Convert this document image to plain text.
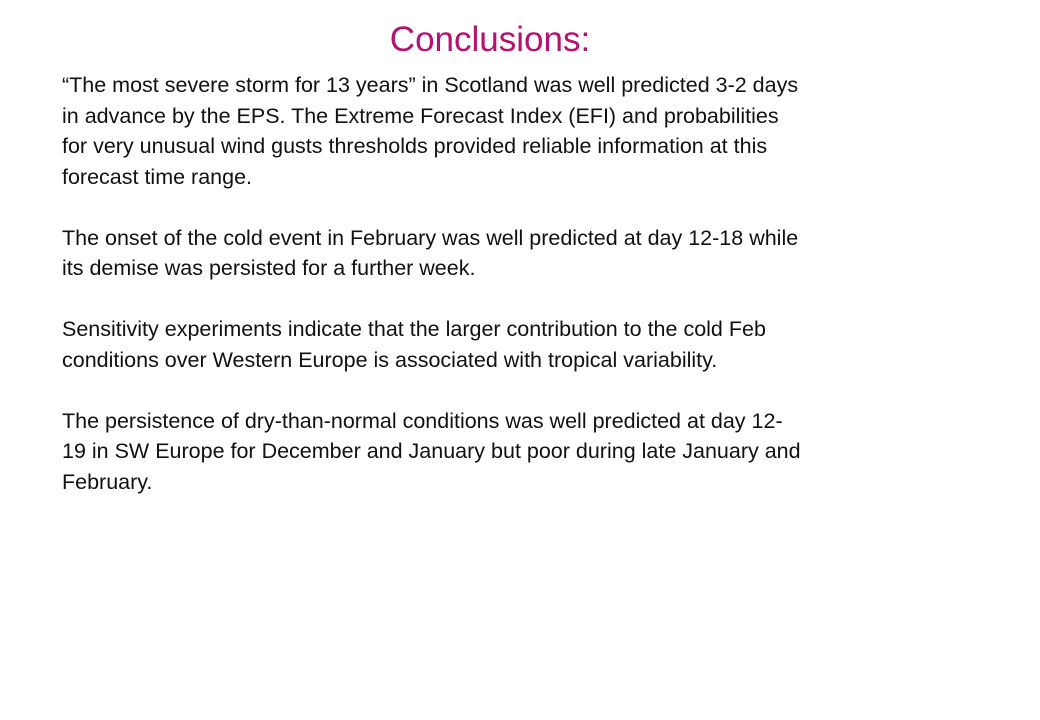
Conclusions:

“The most severe storm for 13 years” in Scotland was well predicted 3-2 days
in advance by the EPS. The Extreme Forecast Index (EFI) and probabilities
for very unusual wind gusts thresholds provided reliable information at this
forecast time range.

The onset of the cold event in February was well predicted at day 12-18 while
its demise was persisted for a further week.

Sensitivity experiments indicate that the larger contribution to the cold Feb
conditions over Western Europe is associated with tropical variability.

The persistence of dry-than-normal conditions was well predicted at day 12-
19 in SW Europe for December and January but poor during late January and
February.
